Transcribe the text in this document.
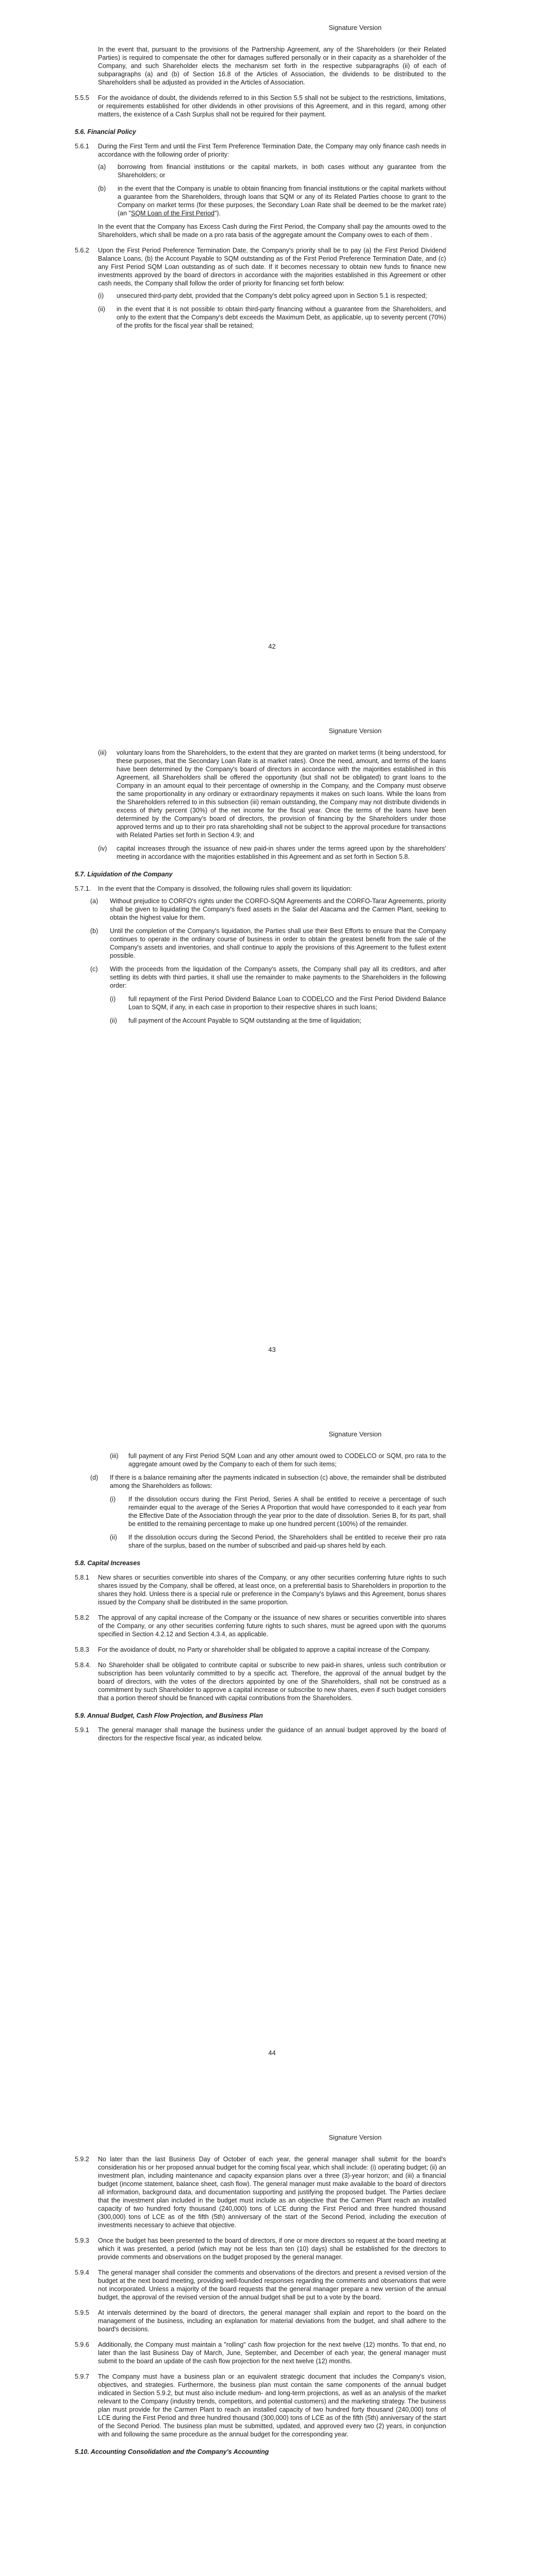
Signature Version

In the event that, pursuant to the provisions of the Partnership Agreement, any of the Shareholders (or their Related Parties) is required to compensate the other for damages suffered personally or in their capacity as a shareholder of the Company, and such Shareholder elects the mechanism set forth in the respective subparagraphs (ii) of each of subparagraphs (a) and (b) of Section 16.8 of the Articles of Association, the dividends to be distributed to the Shareholders shall be adjusted as provided in the Articles of Association.

5.5.5	For the avoidance of doubt, the dividends referred to in this Section 5.5 shall not be subject to the restrictions, limitations, or requirements established for other dividends in other provisions of this Agreement, and in this regard, among other matters, the existence of a Cash Surplus shall not be required for their payment.

5.6. Financial Policy
5.6.1	During the First Term and until the First Term Preference Termination Date, the Company may only finance cash needs in accordance with the following order of priority:

(a)	borrowing from financial institutions or the capital markets, in both cases without any guarantee from the Shareholders; or

(b)	in the event that the Company is unable to obtain financing from financial institutions or the capital markets without a guarantee from the Shareholders, through loans that SQM or any of its Related Parties choose to grant to the Company on market terms (for these purposes, the Secondary Loan Rate shall be deemed to be the market rate) (an "SQM Loan of the First Period").

In the event that the Company has Excess Cash during the First Period, the Company shall pay the amounts owed to the Shareholders, which shall be made on a pro rata basis of the aggregate amount the Company owes to each of them .

5.6.2	Upon the First Period Preference Termination Date, the Company's priority shall be to pay (a) the First Period Dividend Balance Loans, (b) the Account Payable to SQM outstanding as of the First Period Preference Termination Date, and (c) any First Period SQM Loan outstanding as of such date. If it becomes necessary to obtain new funds to finance new investments approved by the board of directors in accordance with the majorities established in this Agreement or other cash needs, the Company shall follow the order of priority for financing set forth below:

(i)	unsecured third-party debt, provided that the Company's debt policy agreed upon in Section 5.1 is respected;

(ii)	in the event that it is not possible to obtain third-party financing without a guarantee from the Shareholders, and only to the extent that the Company's debt exceeds the Maximum Debt, as applicable, up to seventy percent (70%) of the profits for the fiscal year shall be retained;

42
Signature Version
(iii)	voluntary loans from the Shareholders, to the extent that they are granted on market terms (it being understood, for these purposes, that the Secondary Loan Rate is at market rates). Once the need, amount, and terms of the loans have been determined by the Company's board of directors in accordance with the majorities established in this Agreement, all Shareholders shall be offered the opportunity (but shall not be obligated) to grant loans to the Company in an amount equal to their percentage of ownership in the Company, and the Company must observe the same proportionality in any ordinary or extraordinary repayments it makes on such loans. While the loans from the Shareholders referred to in this subsection (iii) remain outstanding, the Company may not distribute dividends in excess of thirty percent (30%) of the net income for the fiscal year. Once the terms of the loans have been determined by the Company's board of directors, the provision of financing by the Shareholders under those approved terms and up to their pro rata shareholding shall not be subject to the approval procedure for transactions with Related Parties set forth in Section 4.9; and

(iv)	capital increases through the issuance of new paid-in shares under the terms agreed upon by the shareholders' meeting in accordance with the majorities established in this Agreement and as set forth in Section 5.8.

5.7. Liquidation of the Company
5.7.1.	In the event that the Company is dissolved, the following rules shall govern its liquidation:

(a)	Without prejudice to CORFO's rights under the CORFO-SQM Agreements and the CORFO-Tarar Agreements, priority shall be given to liquidating the Company's fixed assets in the Salar del Atacama and the Carmen Plant, seeking to obtain the highest value for them.

(b)	Until the completion of the Company's liquidation, the Parties shall use their Best Efforts to ensure that the Company continues to operate in the ordinary course of business in order to obtain the greatest benefit from the sale of the Company's assets and inventories, and shall continue to apply the provisions of this Agreement to the fullest extent possible.

(c)	With the proceeds from the liquidation of the Company's assets, the Company shall pay all its creditors, and after settling its debts with third parties, it shall use the remainder to make payments to the Shareholders in the following order:

(i)	full repayment of the First Period Dividend Balance Loan to CODELCO and the First Period Dividend Balance Loan to SQM, if any, in each case in proportion to their respective shares in such loans;

(ii)	full payment of the Account Payable to SQM outstanding at the time of liquidation;

43
Signature Version
(iii)	full payment of any First Period SQM Loan and any other amount owed to CODELCO or SQM, pro rata to the aggregate amount owed by the Company to each of them for such items;

(d)	If there is a balance remaining after the payments indicated in subsection (c) above, the remainder shall be distributed among the Shareholders as follows:

(i)	If the dissolution occurs during the First Period, Series A shall be entitled to receive a percentage of such remainder equal to the average of the Series A Proportion that would have corresponded to it each year from the Effective Date of the Association through the year prior to the date of dissolution. Series B, for its part, shall be entitled to the remaining percentage to make up one hundred percent (100%) of the remainder.

(ii)	If the dissolution occurs during the Second Period, the Shareholders shall be entitled to receive their pro rata share of the surplus, based on the number of subscribed and paid-up shares held by each.

5.8. Capital Increases
5.8.1	New shares or securities convertible into shares of the Company, or any other securities conferring future rights to such shares issued by the Company, shall be offered, at least once, on a preferential basis to Shareholders in proportion to the shares they hold. Unless there is a special rule or preference in the Company's bylaws and this Agreement, bonus shares issued by the Company shall be distributed in the same proportion.

5.8.2	The approval of any capital increase of the Company or the issuance of new shares or securities convertible into shares of the Company, or any other securities conferring future rights to such shares, must be agreed upon with the quorums specified in Section 4.2.12 and Section 4.3.4, as applicable.

5.8.3	For the avoidance of doubt, no Party or shareholder shall be obligated to approve a capital increase of the Company.

5.8.4.	No Shareholder shall be obligated to contribute capital or subscribe to new paid-in shares, unless such contribution or subscription has been voluntarily committed to by a specific act. Therefore, the approval of the annual budget by the board of directors, with the votes of the directors appointed by one of the Shareholders, shall not be construed as a commitment by such Shareholder to approve a capital increase or subscribe to new shares, even if such budget considers that a portion thereof should be financed with capital contributions from the Shareholders.

5.9. Annual Budget, Cash Flow Projection, and Business Plan
5.9.1	The general manager shall manage the business under the guidance of an annual budget approved by the board of directors for the respective fiscal year, as indicated below.

44
Signature Version
5.9.2	No later than the last Business Day of October of each year, the general manager shall submit for the board's consideration his or her proposed annual budget for the coming fiscal year, which shall include: (i) operating budget; (ii) an investment plan, including maintenance and capacity expansion plans over a three (3)-year horizon; and (iii) a financial budget (income statement, balance sheet, cash flow). The general manager must make available to the board of directors all information, background data, and documentation supporting and justifying the proposed budget. The Parties declare that the investment plan included in the budget must include as an objective that the Carmen Plant reach an installed capacity of two hundred forty thousand (240,000) tons of LCE during the First Period and three hundred thousand (300,000) tons of LCE as of the fifth (5th) anniversary of the start of the Second Period, including the execution of investments necessary to achieve that objective.

5.9.3	Once the budget has been presented to the board of directors, if one or more directors so request at the board meeting at which it was presented, a period (which may not be less than ten (10) days) shall be established for the directors to provide comments and observations on the budget proposed by the general manager.

5.9.4	The general manager shall consider the comments and observations of the directors and present a revised version of the budget at the next board meeting, providing well-founded responses regarding the comments and observations that were not incorporated. Unless a majority of the board requests that the general manager prepare a new version of the annual budget, the approval of the revised version of the annual budget shall be put to a vote by the board.

5.9.5	At intervals determined by the board of directors, the general manager shall explain and report to the board on the management of the business, including an explanation for material deviations from the budget, and shall adhere to the board's decisions.

5.9.6	Additionally, the Company must maintain a "rolling" cash flow projection for the next twelve (12) months. To that end, no later than the last Business Day of March, June, September, and December of each year, the general manager must submit to the board an update of the cash flow projection for the next twelve (12) months.

5.9.7	The Company must have a business plan or an equivalent strategic document that includes the Company's vision, objectives, and strategies. Furthermore, the business plan must contain the same components of the annual budget indicated in Section 5.9.2, but must also include medium- and long-term projections, as well as an analysis of the market relevant to the Company (industry trends, competitors, and potential customers) and the marketing strategy. The business plan must provide for the Carmen Plant to reach an installed capacity of two hundred forty thousand (240,000) tons of LCE during the First Period and three hundred thousand (300,000) tons of LCE as of the fifth (5th) anniversary of the start of the Second Period. The business plan must be submitted, updated, and approved every two (2) years, in conjunction with and following the same procedure as the annual budget for the corresponding year.

5.10. Accounting Consolidation and the Company's Accounting
